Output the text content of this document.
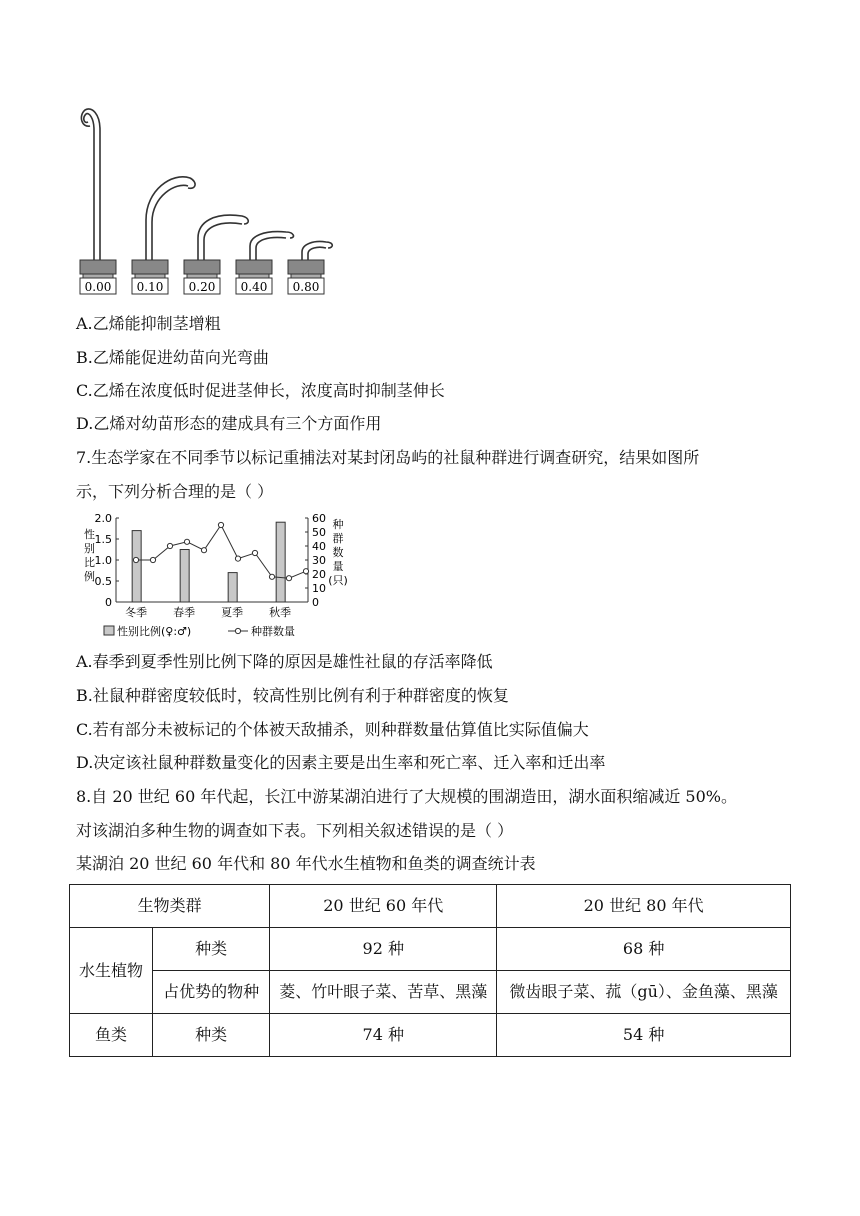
0.00 0.10 0.20 0.40 0.80
A.乙烯能抑制茎增粗
B.乙烯能促进幼苗向光弯曲
C.乙烯在浓度低时促进茎伸长，浓度高时抑制茎伸长
D.乙烯对幼苗形态的建成具有三个方面作用
7.生态学家在不同季节以标记重捕法对某封闭岛屿的社鼠种群进行调查研究，结果如图所
示，下列分析合理的是（ ）
2.0
1.5
1.0
0.5
0
60
50
40
30
20
10
0
性
别
比
例
种
群
数
量
(只)
冬季 春季 夏季 秋季
性别比例(♀:♂)	种群数量
A.春季到夏季性别比例下降的原因是雄性社鼠的存活率降低
B.社鼠种群密度较低时，较高性别比例有利于种群密度的恢复
C.若有部分未被标记的个体被天敌捕杀，则种群数量估算值比实际值偏大
D.决定该社鼠种群数量变化的因素主要是出生率和死亡率、迁入率和迁出率
8.自 20 世纪 60 年代起，长江中游某湖泊进行了大规模的围湖造田，湖水面积缩减近 50%。
对该湖泊多种生物的调查如下表。下列相关叙述错误的是（ ）
某湖泊 20 世纪 60 年代和 80 年代水生植物和鱼类的调查统计表
生物类群		20 世纪 60 年代	20 世纪 80 年代
水生植物	种类	92 种	68 种
	占优势的物种	菱、竹叶眼子菜、苦草、黑藻	微齿眼子菜、菰（gū）、金鱼藻、黑藻
鱼类	种类	74 种	54 种
